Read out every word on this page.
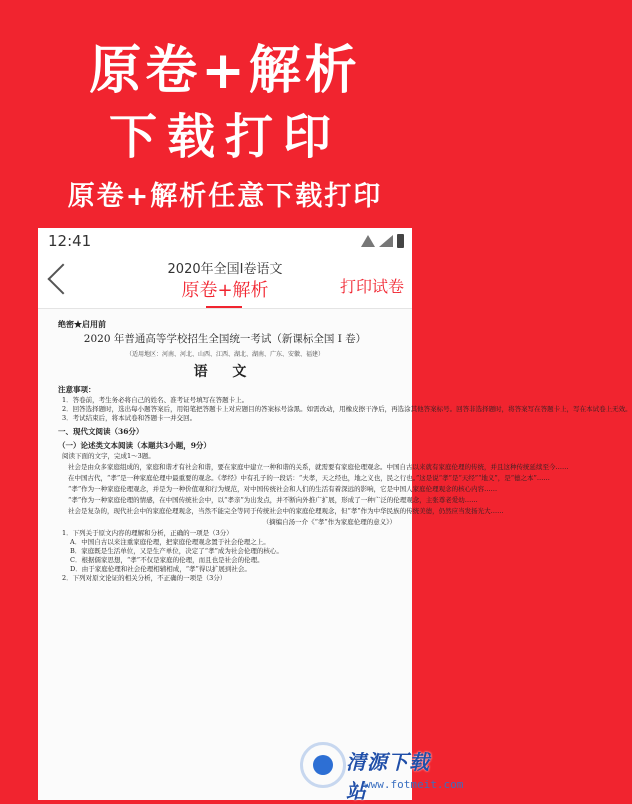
原卷+解析
下载打印
原卷+解析任意下载打印
12:41
2020年全国I卷语文
原卷+解析	打印试卷
绝密★启用前
2020 年普通高等学校招生全国统一考试（新课标全国 I 卷）
（适用地区：河南、河北、山西、江西、湖北、湖南、广东、安徽、福建）
语 文
注意事项：

1．答卷前，考生务必将自己的姓名、准考证号填写在答题卡上。

2．回答选择题时，选出每小题答案后，用铅笔把答题卡上对应题目的答案标号涂黑。如需改动，用橡皮擦干净后，再选涂其他答案标号。回答非选择题时，将答案写在答题卡上，写在本试卷上无效。

3．考试结束后，将本试卷和答题卡一并交回。

一、现代文阅读（36分）
（一）论述类文本阅读（本题共3小题，9分）

阅读下面的文字，完成1～3题。

社会是由众多家庭组成的，家庭和谐才有社会和谐，要在家庭中建立一种和谐的关系，就需要有家庭伦理观念。中国自古以来就有家庭伦理的传统，并且这种传统延续至今……

在中国古代，“孝”是一种家庭伦理中最重要的观念。《孝经》中有孔子的一段话：“夫孝，天之经也，地之义也，民之行也。”这是说“孝”是“天经”“地义”，是“德之本”……

“孝”作为一种家庭伦理观念，并是为一种价值观和行为规范，对中国传统社会和人们的生活有着深远的影响，它是中国人家庭伦理观念的核心内容……

“孝”作为一种家庭伦理的情感，在中国传统社会中，以“孝亲”为出发点，并不断向外推广扩展，形成了一种广泛的伦理观念，主张尊老爱幼……

社会是复杂的，现代社会中的家庭伦理观念，当然不能完全等同于传统社会中的家庭伦理观念，但“孝”作为中华民族的传统美德，仍然应当发扬光大……

（摘编自汤一介《“孝”作为家庭伦理的意义》）

1．下列关于原文内容的理解和分析，正确的一项是（3分）

A．中国自古以来注重家庭伦理，把家庭伦理观念置于社会伦理之上。

B．家庭既是生活单位，又是生产单位，决定了“孝”成为社会伦理的核心。

C．根据儒家思想，“孝”不仅是家庭的伦理，而且也是社会的伦理。

D．由于家庭伦理和社会伦理相辅相成，“孝”得以扩展到社会。

2．下列对原文论证的相关分析，不正确的一项是（3分）

清源下载站
www.fotmeit.com
